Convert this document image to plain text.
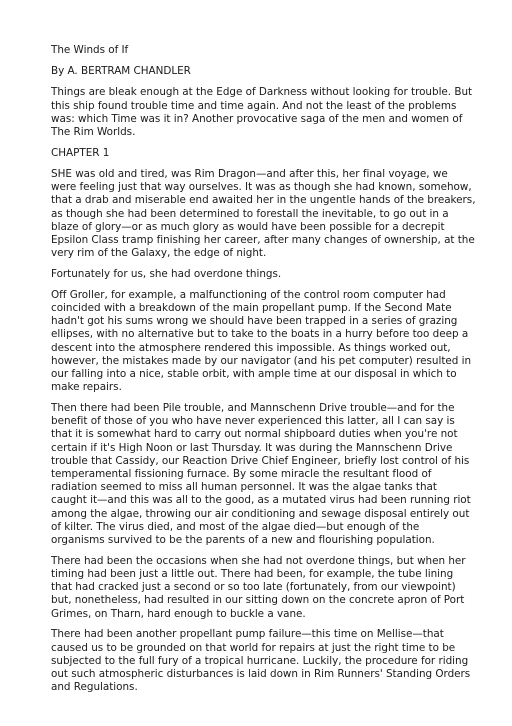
The Winds of If

By A. BERTRAM CHANDLER

Things are bleak enough at the Edge of Darkness without looking for trouble. But this ship found trouble time and time again. And not the least of the problems was: which Time was it in? Another provocative saga of the men and women of The Rim Worlds.

CHAPTER 1

SHE was old and tired, was Rim Dragon—and after this, her final voyage, we were feeling just that way ourselves. It was as though she had known, somehow, that a drab and miserable end awaited her in the ungentle hands of the breakers, as though she had been determined to forestall the inevitable, to go out in a blaze of glory—or as much glory as would have been possible for a decrepit Epsilon Class tramp finishing her career, after many changes of ownership, at the very rim of the Galaxy, the edge of night.

Fortunately for us, she had overdone things.

Off Groller, for example, a malfunctioning of the control room computer had coincided with a breakdown of the main propellant pump. If the Second Mate hadn't got his sums wrong we should have been trapped in a series of grazing ellipses, with no alternative but to take to the boats in a hurry before too deep a descent into the atmosphere rendered this impossible. As things worked out, however, the mistakes made by our navigator (and his pet computer) resulted in our falling into a nice, stable orbit, with ample time at our disposal in which to make repairs.

Then there had been Pile trouble, and Mannschenn Drive trouble—and for the benefit of those of you who have never experienced this latter, all I can say is that it is somewhat hard to carry out normal shipboard duties when you're not certain if it's High Noon or last Thursday. It was during the Mannschenn Drive trouble that Cassidy, our Reaction Drive Chief Engineer, briefly lost control of his temperamental fissioning furnace. By some miracle the resultant flood of radiation seemed to miss all human personnel. It was the algae tanks that caught it—and this was all to the good, as a mutated virus had been running riot among the algae, throwing our air conditioning and sewage disposal entirely out of kilter. The virus died, and most of the algae died—but enough of the organisms survived to be the parents of a new and flourishing population.

There had been the occasions when she had not overdone things, but when her timing had been just a little out. There had been, for example, the tube lining that had cracked just a second or so too late (fortunately, from our viewpoint) but, nonetheless, had resulted in our sitting down on the concrete apron of Port Grimes, on Tharn, hard enough to buckle a vane.

There had been another propellant pump failure—this time on Mellise—that caused us to be grounded on that world for repairs at just the right time to be subjected to the full fury of a tropical hurricane. Luckily, the procedure for riding out such atmospheric disturbances is laid down in Rim Runners' Standing Orders and Regulations.
